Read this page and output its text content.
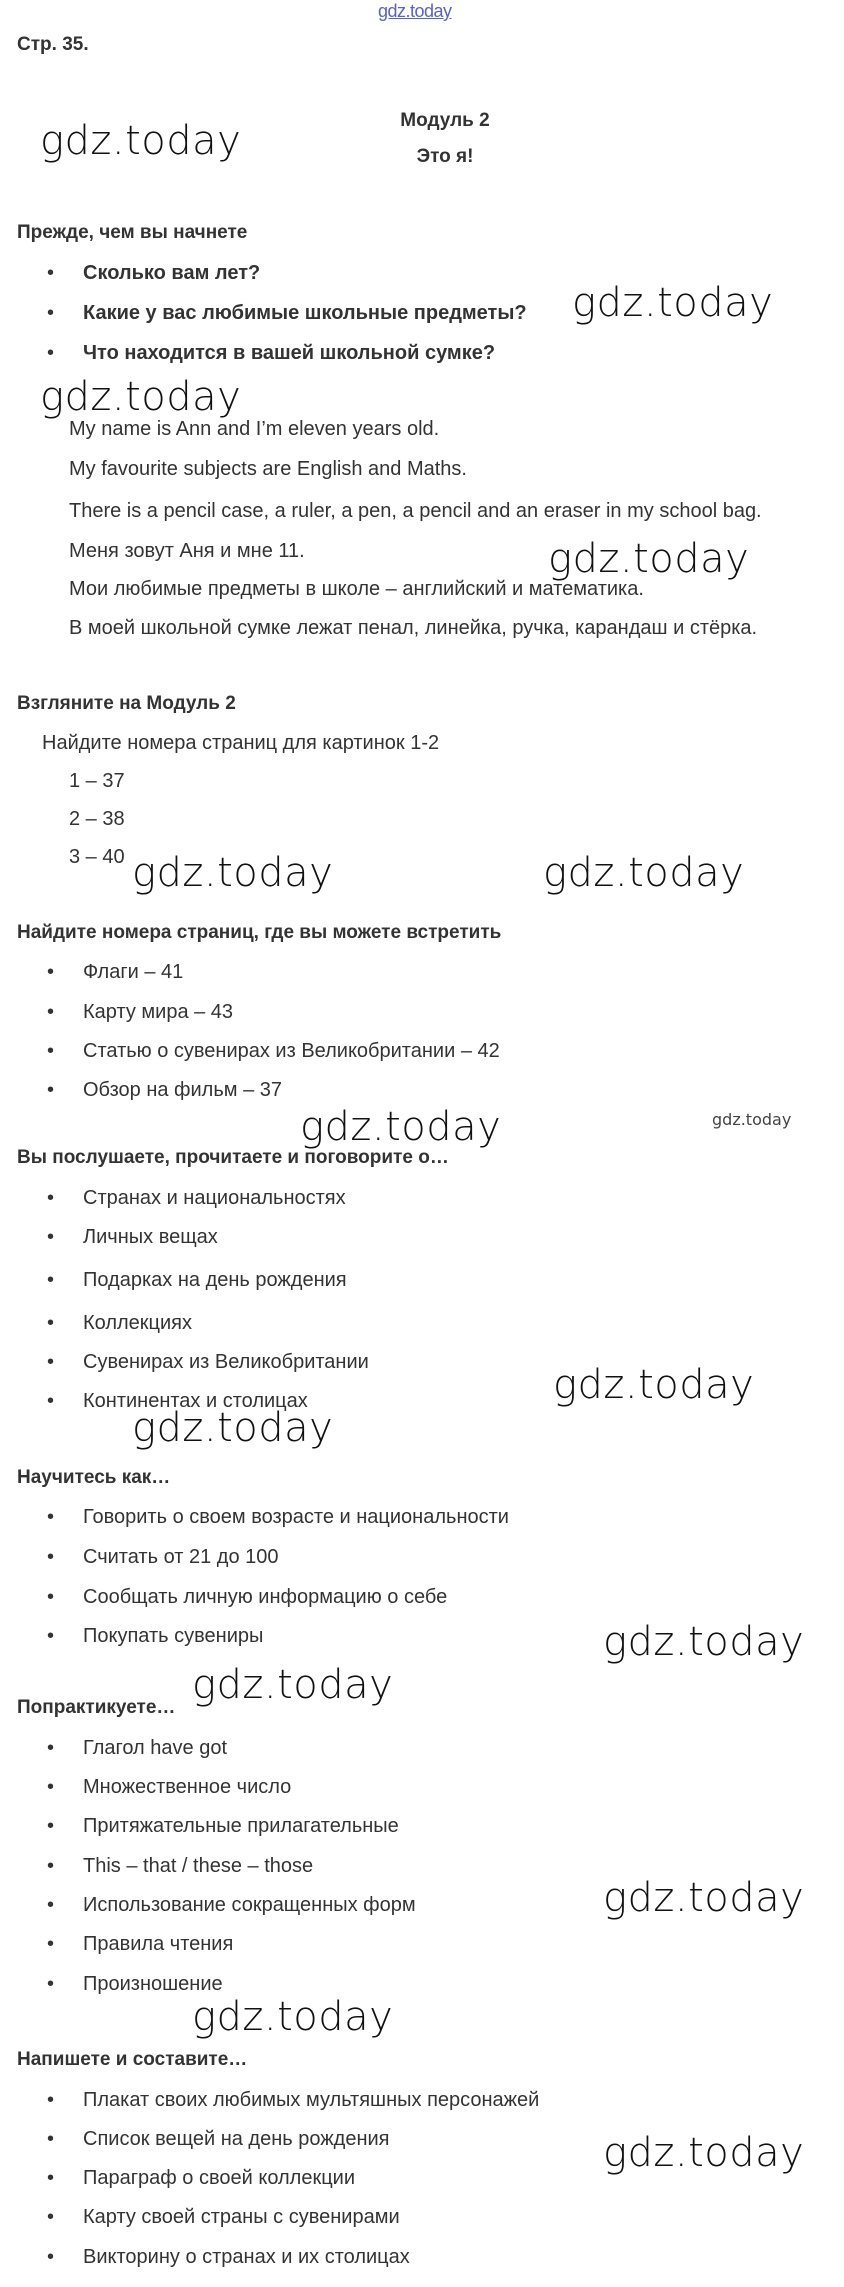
gdz.today
Стр. 35.
Модуль 2
Это я!
Прежде, чем вы начнете
Сколько вам лет?
Какие у вас любимые школьные предметы?
Что находится в вашей школьной сумке?
My name is Ann and I’m eleven years old.
My favourite subjects are English and Maths.
There is a pencil case, a ruler, a pen, a pencil and an eraser in my school bag.
Меня зовут Аня и мне 11.
Мои любимые предметы в школе – английский и математика.
В моей школьной сумке лежат пенал, линейка, ручка, карандаш и стёрка.
Взгляните на Модуль 2
Найдите номера страниц для картинок 1-2
1 – 37
2 – 38
3 – 40
Найдите номера страниц, где вы можете встретить
Флаги – 41
Карту мира – 43
Статью о сувенирах из Великобритании – 42
Обзор на фильм – 37
Вы послушаете, прочитаете и поговорите о…
Странах и национальностях
Личных вещах
Подарках на день рождения
Коллекциях
Сувенирах из Великобритании
Континентах и столицах
Научитесь как…
Говорить о своем возрасте и национальности
Считать от 21 до 100
Сообщать личную информацию о себе
Покупать сувениры
Попрактикуете…
Глагол have got
Множественное число
Притяжательные прилагательные
This – that / these – those
Использование сокращенных форм
Правила чтения
Произношение
Напишете и составите…
Плакат своих любимых мультяшных персонажей
Список вещей на день рождения
Параграф о своей коллекции
Карту своей страны с сувенирами
Викторину о странах и их столицах
gdz.today
gdz.today
gdz.today
gdz.today
gdz.today	gdz.today
gdz.today	gdz.today
gdz.today
gdz.today
gdz.today
gdz.today
gdz.today
gdz.today
gdz.today
